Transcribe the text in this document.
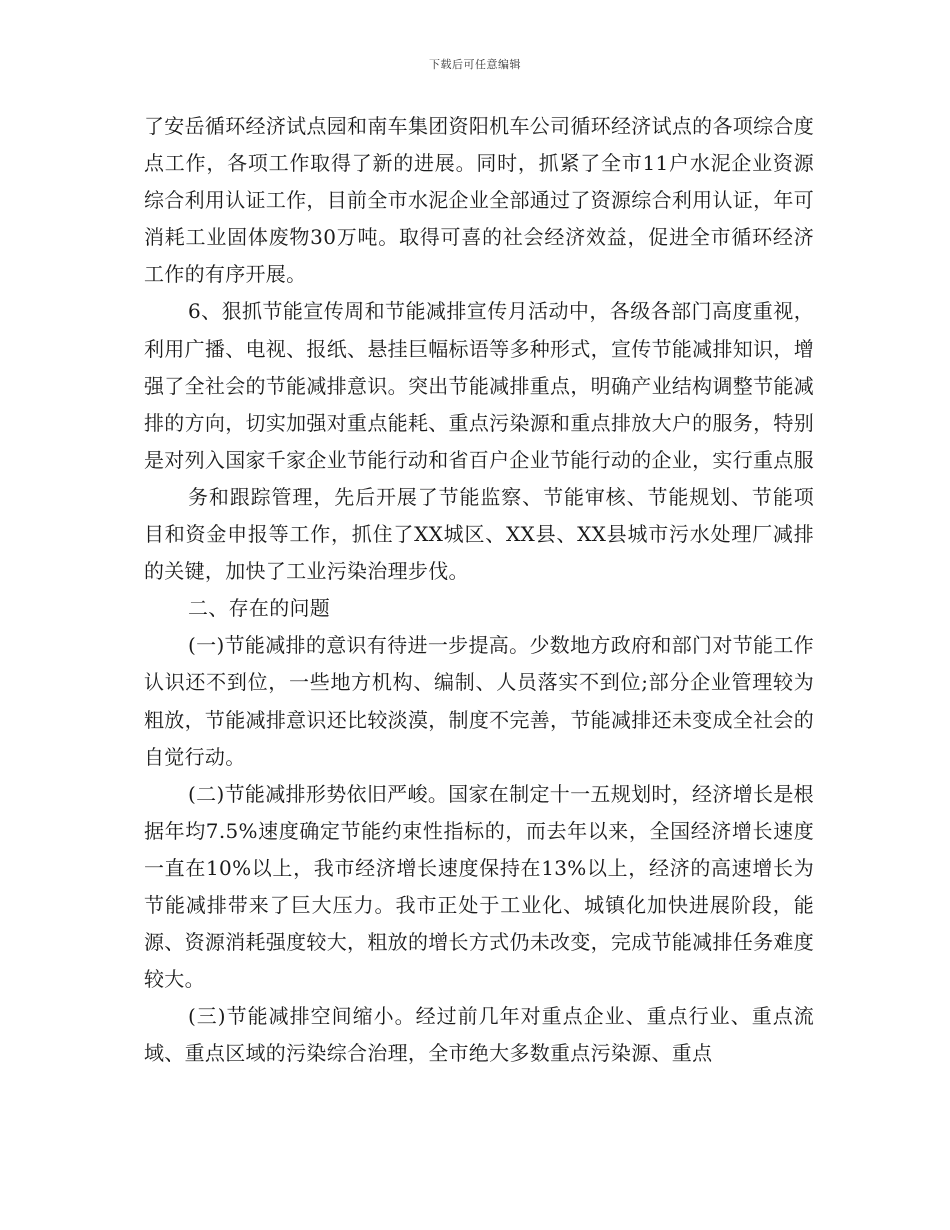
下载后可任意编辑

了安岳循环经济试点园和南车集团资阳机车公司循环经济试点的各项综合度点工作，各项工作取得了新的进展。同时，抓紧了全市11户水泥企业资源综合利用认证工作，目前全市水泥企业全部通过了资源综合利用认证，年可消耗工业固体废物30万吨。取得可喜的社会经济效益，促进全市循环经济工作的有序开展。

6、狠抓节能宣传周和节能减排宣传月活动中，各级各部门高度重视，利用广播、电视、报纸、悬挂巨幅标语等多种形式，宣传节能减排知识，增强了全社会的节能减排意识。突出节能减排重点，明确产业结构调整节能减排的方向，切实加强对重点能耗、重点污染源和重点排放大户的服务，特别是对列入国家千家企业节能行动和省百户企业节能行动的企业，实行重点服

务和跟踪管理，先后开展了节能监察、节能审核、节能规划、节能项目和资金申报等工作，抓住了XX城区、XX县、XX县城市污水处理厂减排的关键，加快了工业污染治理步伐。

二、存在的问题

(一)节能减排的意识有待进一步提高。少数地方政府和部门对节能工作认识还不到位，一些地方机构、编制、人员落实不到位;部分企业管理较为粗放，节能减排意识还比较淡漠，制度不完善，节能减排还未变成全社会的自觉行动。

(二)节能减排形势依旧严峻。国家在制定十一五规划时，经济增长是根据年均7.5%速度确定节能约束性指标的，而去年以来，全国经济增长速度一直在10%以上，我市经济增长速度保持在13%以上，经济的高速增长为节能减排带来了巨大压力。我市正处于工业化、城镇化加快进展阶段，能源、资源消耗强度较大，粗放的增长方式仍未改变，完成节能减排任务难度较大。

(三)节能减排空间缩小。经过前几年对重点企业、重点行业、重点流域、重点区域的污染综合治理，全市绝大多数重点污染源、重点
